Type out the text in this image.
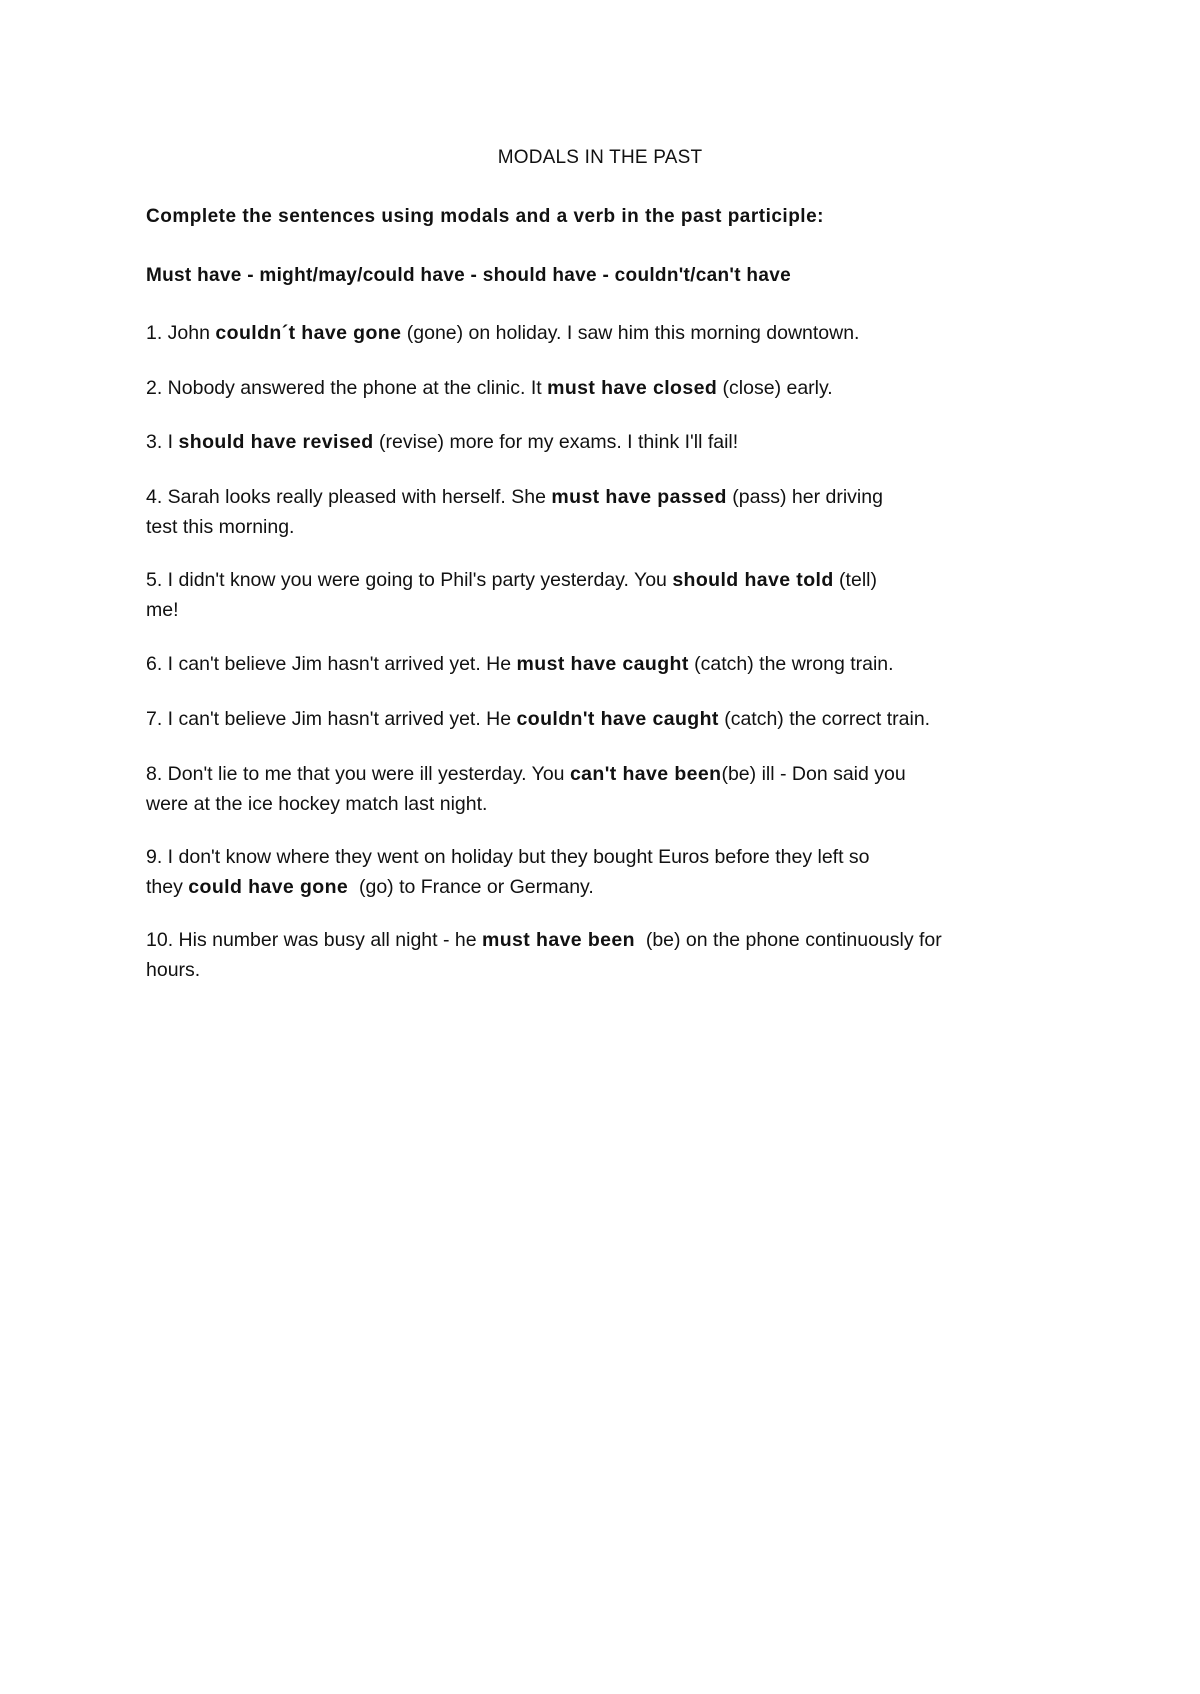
MODALS IN THE PAST
Complete the sentences using modals and a verb in the past participle:
Must have - might/may/could have - should have - couldn't/can't have
1. John couldn´t have gone (gone) on holiday. I saw him this morning downtown.
2. Nobody answered the phone at the clinic. It must have closed (close) early.
3. I should have revised (revise) more for my exams. I think I'll fail!
4. Sarah looks really pleased with herself. She must have passed (pass) her driving
test this morning.
5. I didn't know you were going to Phil's party yesterday. You should have told (tell)
me!
6. I can't believe Jim hasn't arrived yet. He must have caught (catch) the wrong train.
7. I can't believe Jim hasn't arrived yet. He couldn't have caught (catch) the correct train.
8. Don't lie to me that you were ill yesterday. You can't have been(be) ill - Don said you
were at the ice hockey match last night.
9. I don't know where they went on holiday but they bought Euros before they left so
they could have gone  (go) to France or Germany.
10. His number was busy all night - he must have been  (be) on the phone continuously for
hours.
